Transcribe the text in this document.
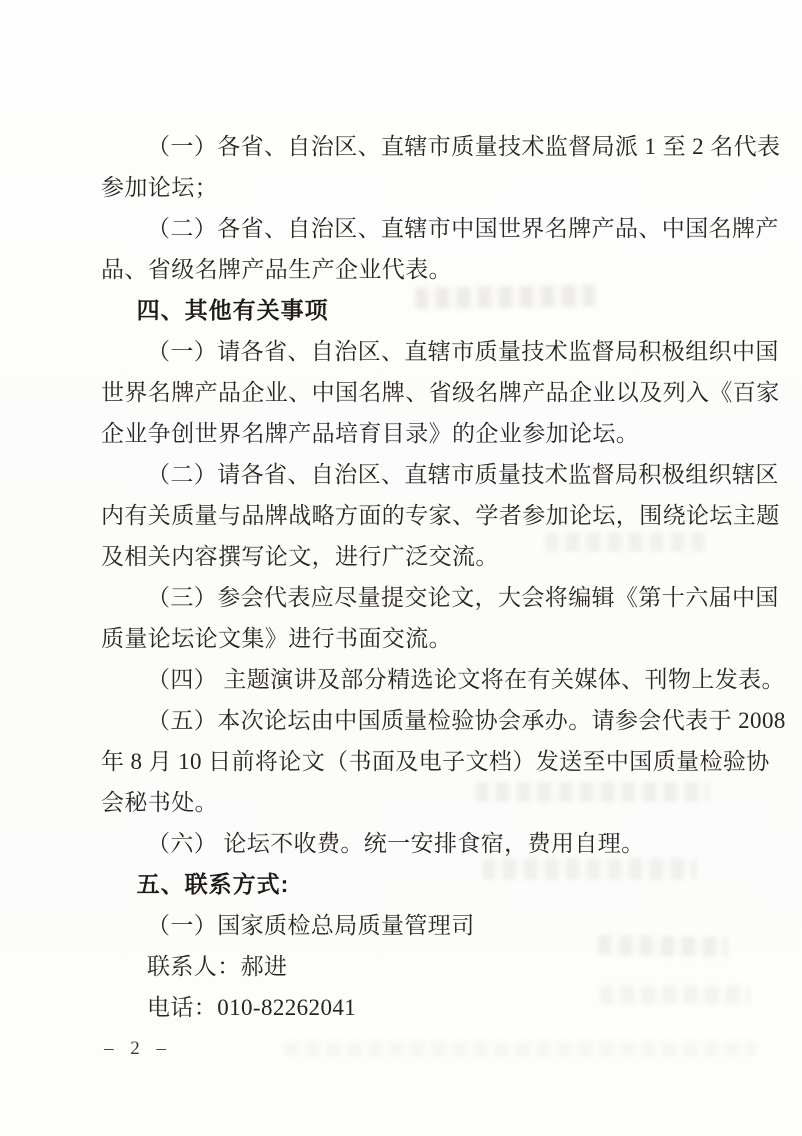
（一）各省、自治区、直辖市质量技术监督局派 1 至 2 名代表
参加论坛；
（二）各省、自治区、直辖市中国世界名牌产品、中国名牌产
品、省级名牌产品生产企业代表。
四、其他有关事项
（一）请各省、自治区、直辖市质量技术监督局积极组织中国
世界名牌产品企业、中国名牌、省级名牌产品企业以及列入《百家
企业争创世界名牌产品培育目录》的企业参加论坛。
（二）请各省、自治区、直辖市质量技术监督局积极组织辖区
内有关质量与品牌战略方面的专家、学者参加论坛，围绕论坛主题
及相关内容撰写论文，进行广泛交流。
（三）参会代表应尽量提交论文，大会将编辑《第十六届中国
质量论坛论文集》进行书面交流。
（四） 主题演讲及部分精选论文将在有关媒体、刊物上发表。
（五）本次论坛由中国质量检验协会承办。请参会代表于 2008
年 8 月 10 日前将论文（书面及电子文档）发送至中国质量检验协
会秘书处。
（六） 论坛不收费。统一安排食宿，费用自理。
五、联系方式:
（一）国家质检总局质量管理司
联系人：郝进
电话：010-82262041
– 2 –
